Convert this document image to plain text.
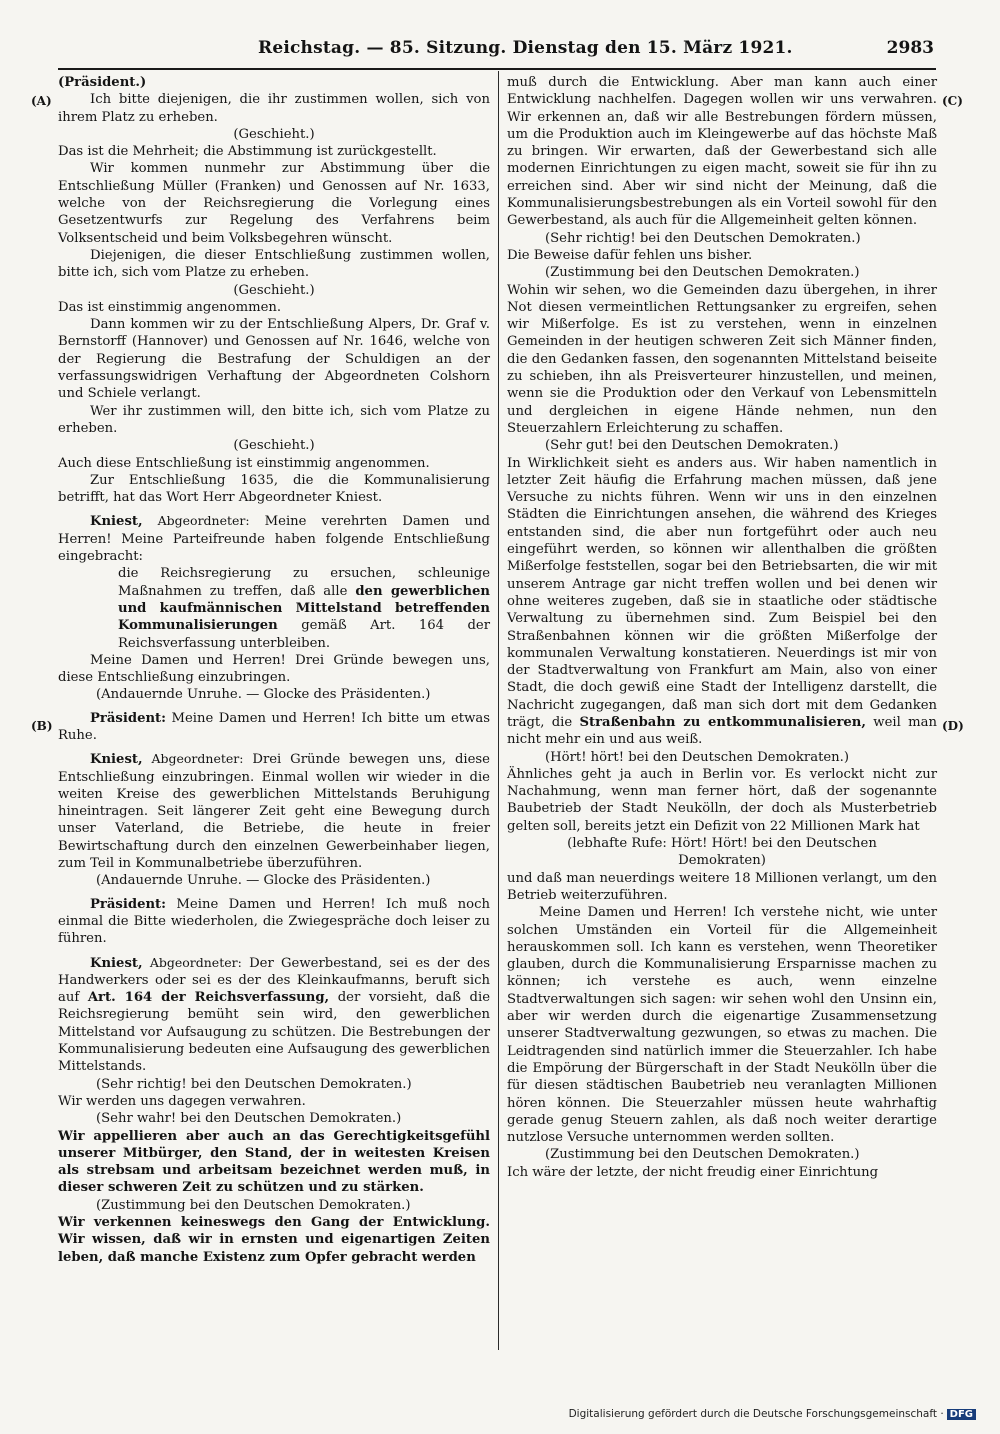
Reichstag. — 85. Sitzung. Dienstag den 15. März 1921.	2983
(A)
(B)
(C)
(D)

(Präsident.)

Ich bitte diejenigen, die ihr zustimmen wollen, sich von ihrem Platz zu erheben.

(Geschieht.)

Das ist die Mehrheit; die Abstimmung ist zurückgestellt.

Wir kommen nunmehr zur Abstimmung über die Entschließung Müller (Franken) und Genossen auf Nr. 1633, welche von der Reichsregierung die Vorlegung eines Gesetzentwurfs zur Regelung des Verfahrens beim Volksentscheid und beim Volksbegehren wünscht.

Diejenigen, die dieser Entschließung zustimmen wollen, bitte ich, sich vom Platze zu erheben.

(Geschieht.)

Das ist einstimmig angenommen.

Dann kommen wir zu der Entschließung Alpers, Dr. Graf v. Bernstorff (Hannover) und Genossen auf Nr. 1646, welche von der Regierung die Bestrafung der Schuldigen an der verfassungswidrigen Verhaftung der Abgeordneten Colshorn und Schiele verlangt.

Wer ihr zustimmen will, den bitte ich, sich vom Platze zu erheben.

(Geschieht.)

Auch diese Entschließung ist einstimmig angenommen.

Zur Entschließung 1635, die die Kommunalisierung betrifft, hat das Wort Herr Abgeordneter Kniest.

Kniest, Abgeordneter: Meine verehrten Damen und Herren! Meine Parteifreunde haben folgende Entschließung eingebracht:

die Reichsregierung zu ersuchen, schleunige Maßnahmen zu treffen, daß alle den gewerblichen und kaufmännischen Mittelstand betreffenden Kommunalisierungen gemäß Art. 164 der Reichsverfassung unterbleiben.

Meine Damen und Herren! Drei Gründe bewegen uns, diese Entschließung einzubringen.

(Andauernde Unruhe. — Glocke des Präsidenten.)

Präsident: Meine Damen und Herren! Ich bitte um etwas Ruhe.

Kniest, Abgeordneter: Drei Gründe bewegen uns, diese Entschließung einzubringen. Einmal wollen wir wieder in die weiten Kreise des gewerblichen Mittelstands Beruhigung hineintragen. Seit längerer Zeit geht eine Bewegung durch unser Vaterland, die Betriebe, die heute in freier Bewirtschaftung durch den einzelnen Gewerbeinhaber liegen, zum Teil in Kommunalbetriebe überzuführen.

(Andauernde Unruhe. — Glocke des Präsidenten.)

Präsident: Meine Damen und Herren! Ich muß noch einmal die Bitte wiederholen, die Zwiegespräche doch leiser zu führen.

Kniest, Abgeordneter: Der Gewerbestand, sei es der des Handwerkers oder sei es der des Kleinkaufmanns, beruft sich auf Art. 164 der Reichsverfassung, der vorsieht, daß die Reichsregierung bemüht sein wird, den gewerblichen Mittelstand vor Aufsaugung zu schützen. Die Bestrebungen der Kommunalisierung bedeuten eine Aufsaugung des gewerblichen Mittelstands.

(Sehr richtig! bei den Deutschen Demokraten.)

Wir werden uns dagegen verwahren.

(Sehr wahr! bei den Deutschen Demokraten.)

Wir appellieren aber auch an das Gerechtigkeitsgefühl unserer Mitbürger, den Stand, der in weitesten Kreisen als strebsam und arbeitsam bezeichnet werden muß, in dieser schweren Zeit zu schützen und zu stärken.

(Zustimmung bei den Deutschen Demokraten.)

Wir verkennen keineswegs den Gang der Entwicklung. Wir wissen, daß wir in ernsten und eigenartigen Zeiten leben, daß manche Existenz zum Opfer gebracht werden

muß durch die Entwicklung. Aber man kann auch einer Entwicklung nachhelfen. Dagegen wollen wir uns verwahren. Wir erkennen an, daß wir alle Bestrebungen fördern müssen, um die Produktion auch im Kleingewerbe auf das höchste Maß zu bringen. Wir erwarten, daß der Gewerbestand sich alle modernen Einrichtungen zu eigen macht, soweit sie für ihn zu erreichen sind. Aber wir sind nicht der Meinung, daß die Kommunalisierungsbestrebungen als ein Vorteil sowohl für den Gewerbestand, als auch für die Allgemeinheit gelten können.

(Sehr richtig! bei den Deutschen Demokraten.)

Die Beweise dafür fehlen uns bisher.

(Zustimmung bei den Deutschen Demokraten.)

Wohin wir sehen, wo die Gemeinden dazu übergehen, in ihrer Not diesen vermeintlichen Rettungsanker zu ergreifen, sehen wir Mißerfolge. Es ist zu verstehen, wenn in einzelnen Gemeinden in der heutigen schweren Zeit sich Männer finden, die den Gedanken fassen, den sogenannten Mittelstand beiseite zu schieben, ihn als Preisverteurer hinzustellen, und meinen, wenn sie die Produktion oder den Verkauf von Lebensmitteln und dergleichen in eigene Hände nehmen, nun den Steuerzahlern Erleichterung zu schaffen.

(Sehr gut! bei den Deutschen Demokraten.)

In Wirklichkeit sieht es anders aus. Wir haben namentlich in letzter Zeit häufig die Erfahrung machen müssen, daß jene Versuche zu nichts führen. Wenn wir uns in den einzelnen Städten die Einrichtungen ansehen, die während des Krieges entstanden sind, die aber nun fortgeführt oder auch neu eingeführt werden, so können wir allenthalben die größten Mißerfolge feststellen, sogar bei den Betriebsarten, die wir mit unserem Antrage gar nicht treffen wollen und bei denen wir ohne weiteres zugeben, daß sie in staatliche oder städtische Verwaltung zu übernehmen sind. Zum Beispiel bei den Straßenbahnen können wir die größten Mißerfolge der kommunalen Verwaltung konstatieren. Neuerdings ist mir von der Stadtverwaltung von Frankfurt am Main, also von einer Stadt, die doch gewiß eine Stadt der Intelligenz darstellt, die Nachricht zugegangen, daß man sich dort mit dem Gedanken trägt, die Straßenbahn zu entkommunalisieren, weil man nicht mehr ein und aus weiß.

(Hört! hört! bei den Deutschen Demokraten.)

Ähnliches geht ja auch in Berlin vor. Es verlockt nicht zur Nachahmung, wenn man ferner hört, daß der sogenannte Baubetrieb der Stadt Neukölln, der doch als Musterbetrieb gelten soll, bereits jetzt ein Defizit von 22 Millionen Mark hat

(lebhafte Rufe: Hört! Hört! bei den Deutschen

Demokraten)

und daß man neuerdings weitere 18 Millionen verlangt, um den Betrieb weiterzuführen.

Meine Damen und Herren! Ich verstehe nicht, wie unter solchen Umständen ein Vorteil für die Allgemeinheit herauskommen soll. Ich kann es verstehen, wenn Theoretiker glauben, durch die Kommunalisierung Ersparnisse machen zu können; ich verstehe es auch, wenn einzelne Stadtverwaltungen sich sagen: wir sehen wohl den Unsinn ein, aber wir werden durch die eigenartige Zusammensetzung unserer Stadtverwaltung gezwungen, so etwas zu machen. Die Leidtragenden sind natürlich immer die Steuerzahler. Ich habe die Empörung der Bürgerschaft in der Stadt Neukölln über die für diesen städtischen Baubetrieb neu veranlagten Millionen hören können. Die Steuerzahler müssen heute wahrhaftig gerade genug Steuern zahlen, als daß noch weiter derartige nutzlose Versuche unternommen werden sollten.

(Zustimmung bei den Deutschen Demokraten.)

Ich wäre der letzte, der nicht freudig einer Einrichtung

Digitalisierung gefördert durch die Deutsche Forschungsgemeinschaft · DFG
